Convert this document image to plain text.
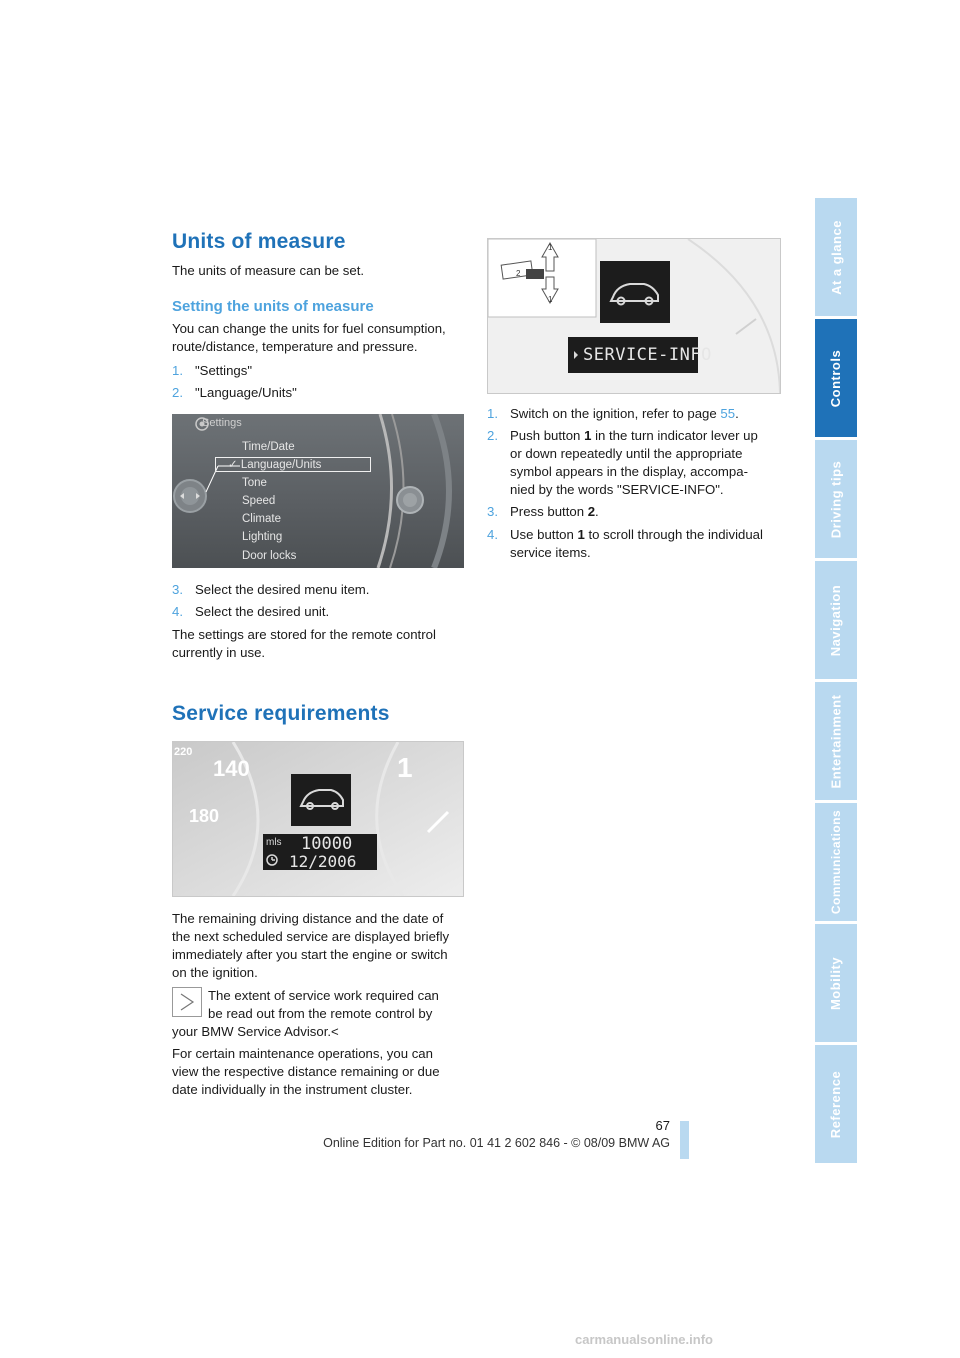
At a glance
Controls
Driving tips
Navigation
Entertainment
Communications
Mobility
Reference
Units of measure

The units of measure can be set.

Setting the units of measure

You can change the units for fuel consumption,

route/distance, temperature and pressure.

1. "Settings"
2. "Language/Units"
Settings
Time/Date
✓ Language/Units
Tone
Speed
Climate
Lighting
Door locks
3. Select the desired menu item.
4. Select the desired unit.

The settings are stored for the remote control

currently in use.

Service requirements
220
140
180
1
mls 10000
12/2006

The remaining driving distance and the date of

the next scheduled service are displayed briefly

immediately after you start the engine or switch

on the ignition.

The extent of service work required can

be read out from the remote control by

your BMW Service Advisor.<

For certain maintenance operations, you can

view the respective distance remaining or due

date individually in the instrument cluster.

1
2
1
SERVICE-INFO
1. Switch on the ignition, refer to page 55.
2. Push button 1 in the turn indicator lever up
or down repeatedly until the appropriate
symbol appears in the display, accompa-
nied by the words "SERVICE-INFO".
3. Press button 2.
4. Use button 1 to scroll through the individual
service items.
67
Online Edition for Part no. 01 41 2 602 846 - © 08/09 BMW AG
carmanualsonline.info
